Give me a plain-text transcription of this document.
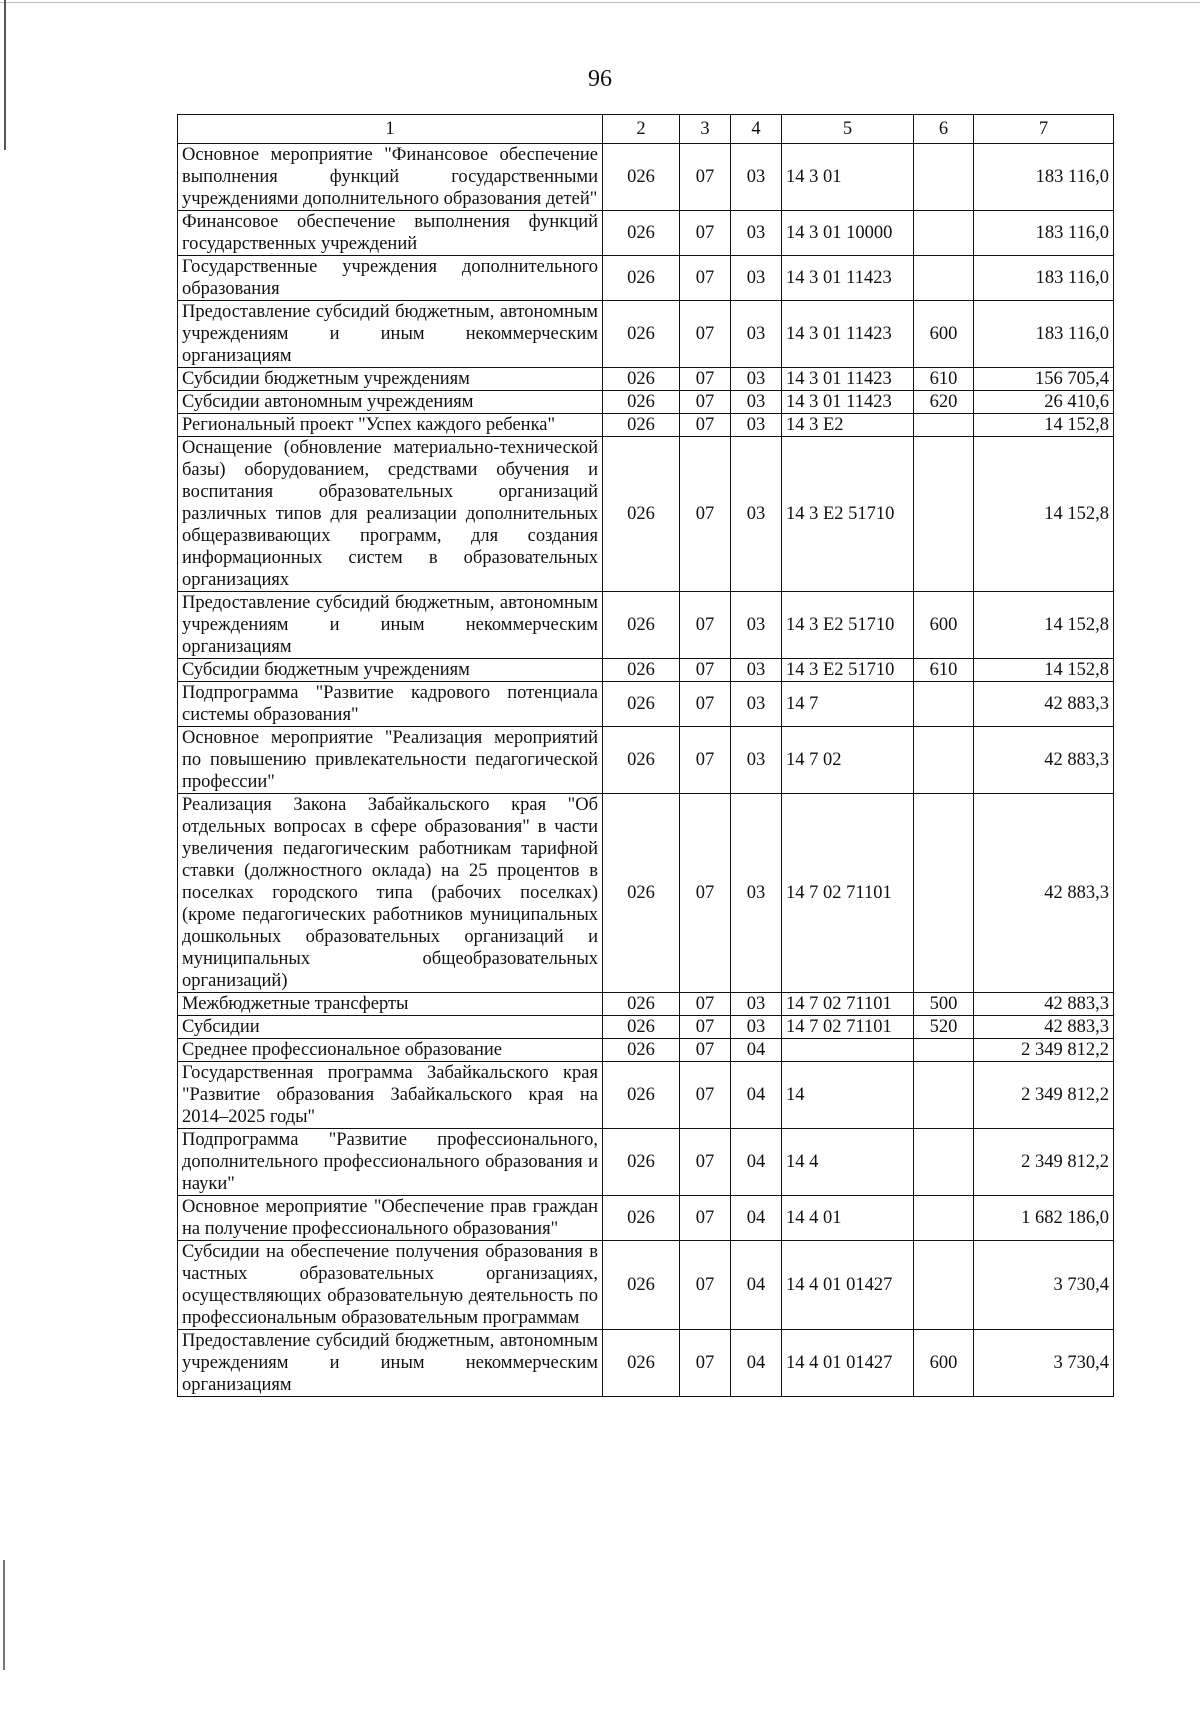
96
1	2	3	4	5	6	7
Основное мероприятие "Финансовое обеспечение выполнения функций государственными учреждениями дополнительного образования детей"	026	07	03	14 3 01		183 116,0
Финансовое обеспечение выполнения функций государственных учреждений	026	07	03	14 3 01 10000		183 116,0
Государственные учреждения дополнительного образования	026	07	03	14 3 01 11423		183 116,0
Предоставление субсидий бюджетным, автономным учреждениям и иным некоммерческим организациям	026	07	03	14 3 01 11423	600	183 116,0
Субсидии бюджетным учреждениям	026	07	03	14 3 01 11423	610	156 705,4
Субсидии автономным учреждениям	026	07	03	14 3 01 11423	620	26 410,6
Региональный проект "Успех каждого ребенка"	026	07	03	14 3 E2		14 152,8
Оснащение (обновление материально-технической базы) оборудованием, средствами обучения и воспитания образовательных организаций различных типов для реализации дополнительных общеразвивающих программ, для создания информационных систем в образовательных организациях	026	07	03	14 3 E2 51710		14 152,8
Предоставление субсидий бюджетным, автономным учреждениям и иным некоммерческим организациям	026	07	03	14 3 E2 51710	600	14 152,8
Субсидии бюджетным учреждениям	026	07	03	14 3 E2 51710	610	14 152,8
Подпрограмма "Развитие кадрового потенциала системы образования"	026	07	03	14 7		42 883,3
Основное мероприятие "Реализация мероприятий по повышению привлекательности педагогической профессии"	026	07	03	14 7 02		42 883,3
Реализация Закона Забайкальского края "Об отдельных вопросах в сфере образования" в части увеличения педагогическим работникам тарифной ставки (должностного оклада) на 25 процентов в поселках городского типа (рабочих поселках) (кроме педагогических работников муниципальных дошкольных образовательных организаций и муниципальных общеобразовательных организаций)	026	07	03	14 7 02 71101		42 883,3
Межбюджетные трансферты	026	07	03	14 7 02 71101	500	42 883,3
Субсидии	026	07	03	14 7 02 71101	520	42 883,3
Среднее профессиональное образование	026	07	04			2 349 812,2
Государственная программа Забайкальского края "Развитие образования Забайкальского края на 2014–2025 годы"	026	07	04	14		2 349 812,2
Подпрограмма "Развитие профессионального, дополнительного профессионального образования и науки"	026	07	04	14 4		2 349 812,2
Основное мероприятие "Обеспечение прав граждан на получение профессионального образования"	026	07	04	14 4 01		1 682 186,0
Субсидии на обеспечение получения образования в частных образовательных организациях, осуществляющих образовательную деятельность по профессиональным образовательным программам	026	07	04	14 4 01 01427		3 730,4
Предоставление субсидий бюджетным, автономным учреждениям и иным некоммерческим организациям	026	07	04	14 4 01 01427	600	3 730,4
